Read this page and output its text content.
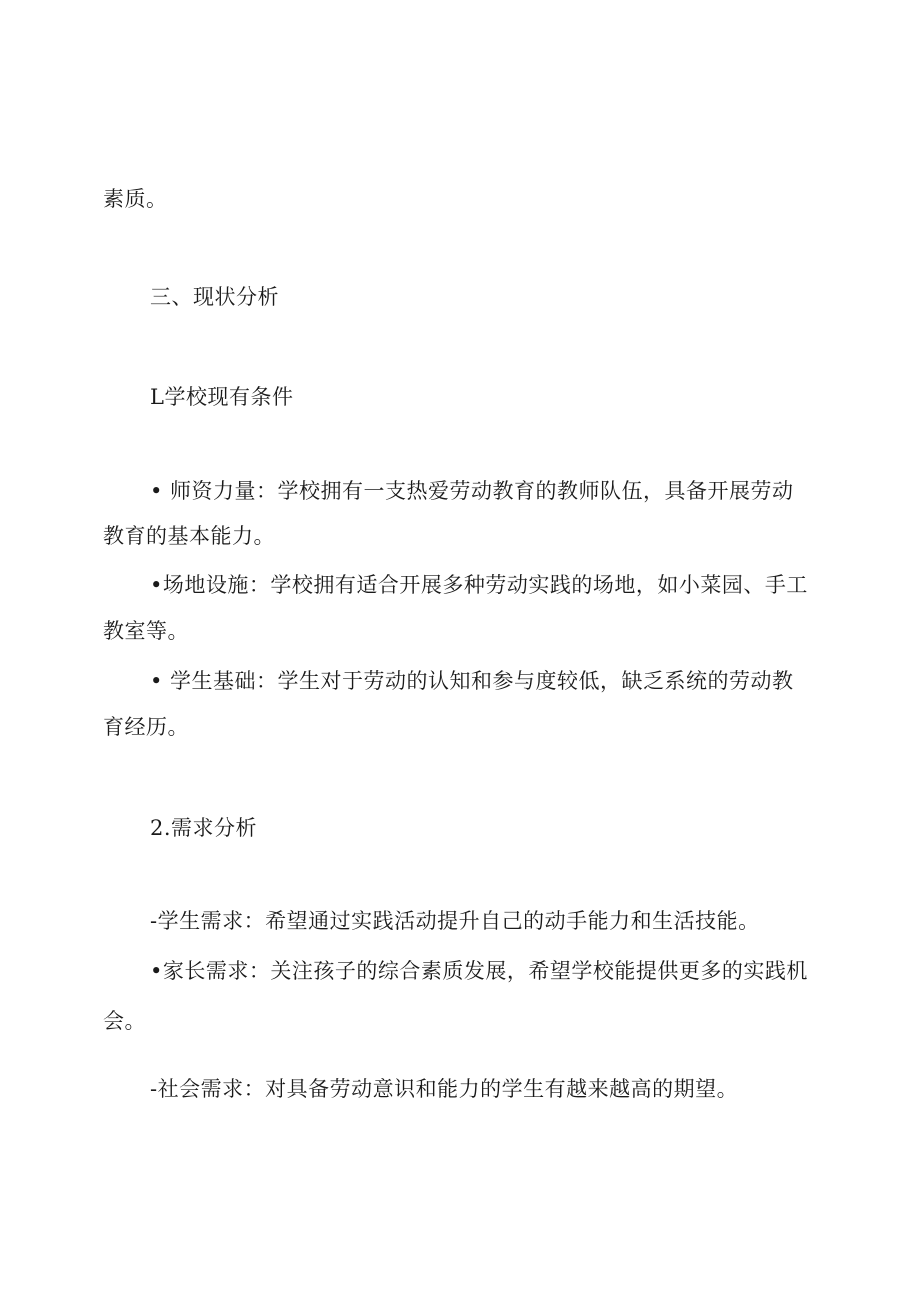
素质。
三、现状分析
L学校现有条件
• 师资力量：学校拥有一支热爱劳动教育的教师队伍，具备开展劳动
教育的基本能力。
•场地设施：学校拥有适合开展多种劳动实践的场地，如小菜园、手工
教室等。
• 学生基础：学生对于劳动的认知和参与度较低，缺乏系统的劳动教
育经历。
2.需求分析
-学生需求：希望通过实践活动提升自己的动手能力和生活技能。
•家长需求：关注孩子的综合素质发展，希望学校能提供更多的实践机
会。
-社会需求：对具备劳动意识和能力的学生有越来越高的期望。
